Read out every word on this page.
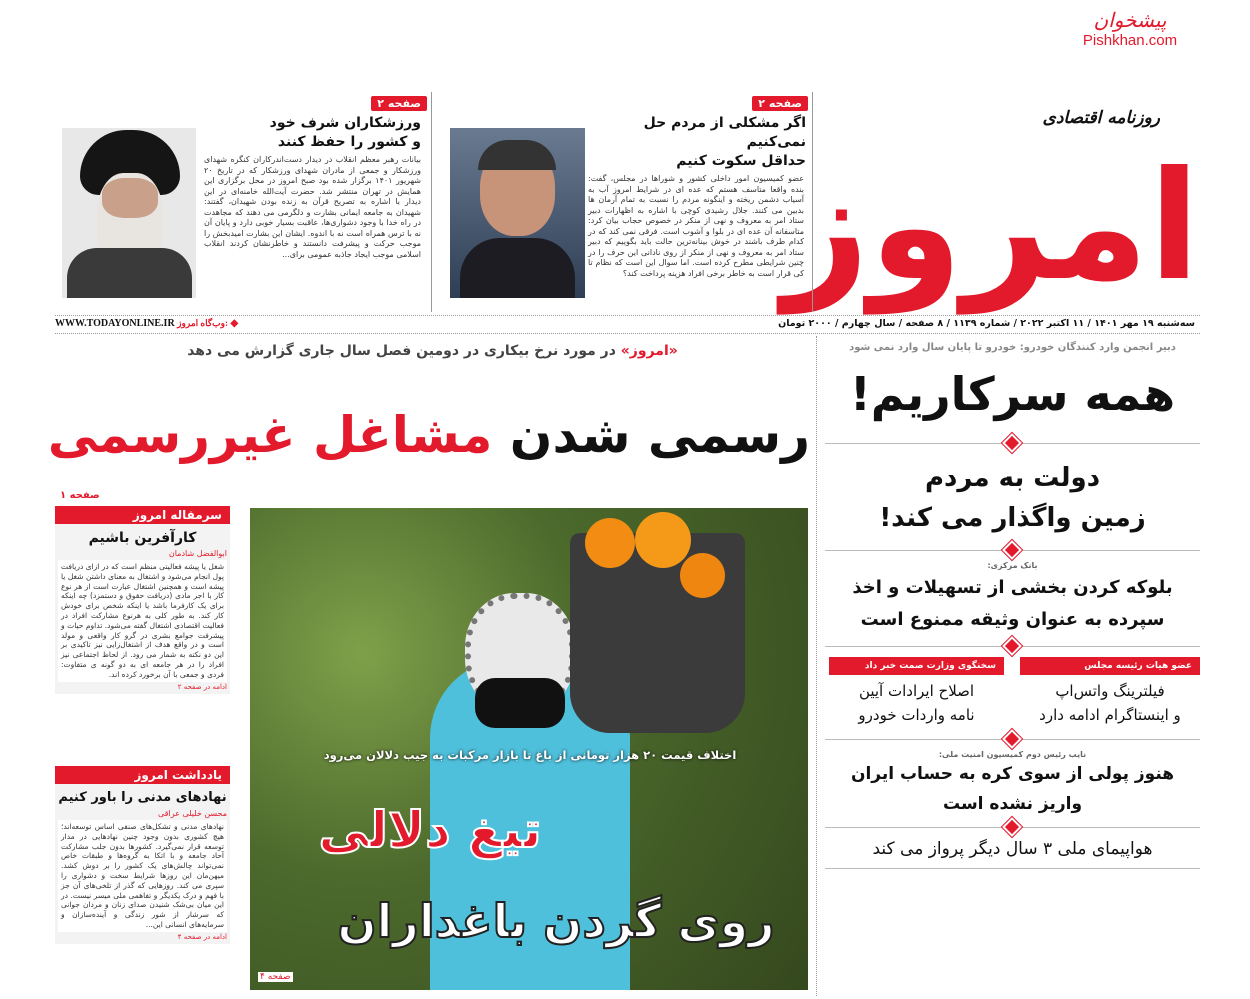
پیشخوان
Pishkhan.com
امروز
روزنامه اقتصادی
صفحه ۲
اگر مشکلی از مردم حل نمی‌کنیم
حداقل سکوت کنیم
عضو کمیسیون امور داخلی کشور و شوراها در مجلس، گفت: بنده واقعا متاسف هستم که عده ای در شرایط امروز آب به آسیاب دشمن ریخته و اینگونه مردم را نسبت به تمام آرمان ها بدبین می کنند. جلال رشیدی کوچی با اشاره به اظهارات دبیر ستاد امر به معروف و نهی از منکر در خصوص حجاب بیان کرد: متاسفانه آن عده ای در بلوا و آشوب است. فرقی نمی کند که در کدام طرف باشند در خوش بینانه‌ترین حالت باید بگوییم که دبیر ستاد امر به معروف و نهی از منکر از روی نادانی این حرف را در چنین شرایطی مطرح کرده است. اما سوال این است که نظام تا کی قرار است به خاطر برخی افراد هزینه پرداخت کند؟
صفحه ۲
ورزشکاران شرف خود
و کشور را حفظ کنند
بیانات رهبر معظم انقلاب در دیدار دست‌اندرکاران کنگره شهدای ورزشکار و جمعی از مادران شهدای ورزشکار که در تاریخ ۲۰ شهریور ۱۴۰۱ برگزار شده بود صبح امروز در محل برگزاری این همایش در تهران منتشر شد. حضرت آیت‌الله خامنه‌ای در این دیدار با اشاره به تصریح قرآن به زنده بودن شهیدان، گفتند: شهیدان به جامعه ایمانی بشارت و دلگرمی می دهند که مجاهدت در راه خدا با وجود دشواری‌ها، عاقبت بسیار خوبی دارد و پایان آن نه با ترس همراه است نه با اندوه. ایشان این بشارت امیدبخش را موجب حرکت و پیشرفت دانستند و خاطرنشان کردند انقلاب اسلامی موجب ایجاد جاذبه عمومی برای...
سه‌شنبه ۱۹ مهر ۱۴۰۱ / ۱۱ اکتبر ۲۰۲۲ / شماره ۱۱۳۹ / ۸ صفحه / سال چهارم / ۲۰۰۰ تومان
WWW.TODAYONLINE.IR وب‌گاه امروز: ◆
دبیر انجمن وارد کنندگان خودرو: خودرو تا پایان سال وارد نمی شود
همه سرکاریم!
دولت به مردم
زمین واگذار می کند!
بانک مرکزی:
بلوکه کردن بخشی از تسهیلات و اخذ
سپرده به عنوان وثیقه ممنوع است
عضو هیات رئیسه مجلس
فیلترینگ واتس‌اپ
و اینستاگرام ادامه دارد
سخنگوی وزارت صمت خبر داد
اصلاح ایرادات آیین
نامه واردات خودرو
نایب رئیس دوم کمیسیون امنیت ملی:
هنوز پولی از سوی کره به حساب ایران
واریز نشده است
هواپیمای ملی ۳ سال دیگر پرواز می کند
«امروز» در مورد نرخ بیکاری در دومین فصل سال جاری گزارش می دهد
رسمی شدن مشاغل غیررسمی
صفحه ۱
اختلاف قیمت ۲۰ هزار تومانی از باغ تا بازار مرکبات به جیب دلالان می‌رود
تیغ دلالی
روی گردن باغداران
صفحه ۴
سرمقاله امروز
کارآفرین باشیم
ابوالفضل شادمان
شغل یا پیشه فعالیتی منظم است که در ازای دریافت پول انجام می‌شود و اشتغال به معنای داشتن شغل یا پیشه است و همچنین اشتغال عبارت است از هر نوع کار با اجر مادی (دریافت حقوق و دستمزد) چه اینکه برای یک کارفرما باشد یا اینکه شخص برای خودش کار کند. به طور کلی به هرنوع مشارکت افراد در فعالیت اقتصادی اشتغال گفته می‌شود. تداوم حیات و پیشرفت جوامع بشری در گرو کار واقعی و مولد است و در واقع هدف از اشتغال‌زایی نیز تاکیدی بر این دو نکته به شمار می رود. از لحاظ اجتماعی نیز افراد را در هر جامعه ای به دو گونه ی متفاوت: فردی و جمعی با آن برخورد کرده اند.
ادامه در صفحه ۲
یادداشت امروز
نهادهای مدنی را باور کنیم
محسن خلیلی عراقی
نهادهای مدنی و تشکل‌های صنفی اساس توسعه‌اند؛ هیچ کشوری بدون وجود چنین نهادهایی در مدار توسعه قرار نمی‌گیرد. کشورها بدون جلب مشارکت آحاد جامعه و با اتکا به گروه‌ها و طبقات خاص نمی‌تواند چالش‌های یک کشور را بر دوش کشد. میهن‌مان این روزها شرایط سخت و دشواری را سپری می کند. روزهایی که گذر از تلخی‌های آن جز با فهم و درک یکدیگر و تفاهمی ملی میسر نیست. در این میان بی‌شک شنیدن صدای زنان و مردان جوانی که سرشار از شور زندگی و آینده‌سازان و سرمایه‌های انسانی این...
ادامه در صفحه ۴
